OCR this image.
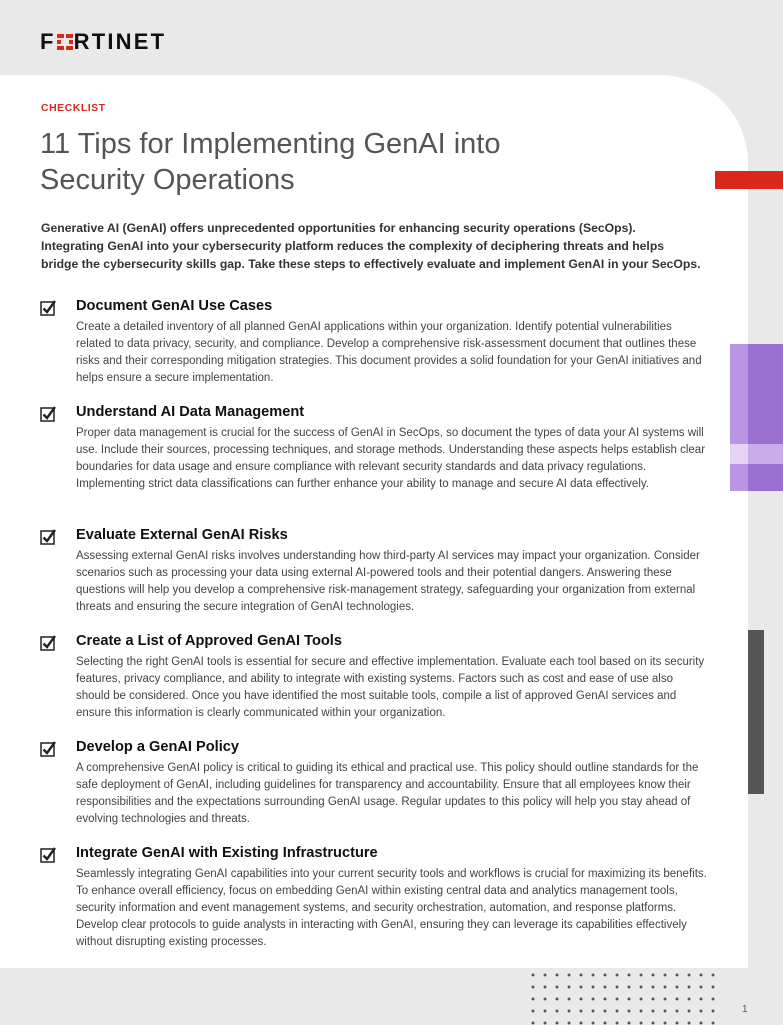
F RTINET
CHECKLIST
11 Tips for Implementing GenAI into
Security Operations

Generative AI (GenAI) offers unprecedented opportunities for enhancing security operations (SecOps). Integrating GenAI into your cybersecurity platform reduces the complexity of deciphering threats and helps bridge the cybersecurity skills gap. Take these steps to effectively evaluate and implement GenAI in your SecOps.

Document GenAI Use Cases

Create a detailed inventory of all planned GenAI applications within your organization. Identify potential vulnerabilities related to data privacy, security, and compliance. Develop a comprehensive risk-assessment document that outlines these risks and their corresponding mitigation strategies. This document provides a solid foundation for your GenAI initiatives and helps ensure a secure implementation.

Understand AI Data Management

Proper data management is crucial for the success of GenAI in SecOps, so document the types of data your AI systems will use. Include their sources, processing techniques, and storage methods. Understanding these aspects helps establish clear boundaries for data usage and ensure compliance with relevant security standards and data privacy regulations. Implementing strict data classifications can further enhance your ability to manage and secure AI data effectively.

Evaluate External GenAI Risks

Assessing external GenAI risks involves understanding how third-party AI services may impact your organization. Consider scenarios such as processing your data using external AI-powered tools and their potential dangers. Answering these questions will help you develop a comprehensive risk-management strategy, safeguarding your organization from external threats and ensuring the secure integration of GenAI technologies.

Create a List of Approved GenAI Tools

Selecting the right GenAI tools is essential for secure and effective implementation. Evaluate each tool based on its security features, privacy compliance, and ability to integrate with existing systems. Factors such as cost and ease of use also should be considered. Once you have identified the most suitable tools, compile a list of approved GenAI services and ensure this information is clearly communicated within your organization.

Develop a GenAI Policy

A comprehensive GenAI policy is critical to guiding its ethical and practical use. This policy should outline standards for the safe deployment of GenAI, including guidelines for transparency and accountability. Ensure that all employees know their responsibilities and the expectations surrounding GenAI usage. Regular updates to this policy will help you stay ahead of evolving technologies and threats.

Integrate GenAI with Existing Infrastructure

Seamlessly integrating GenAI capabilities into your current security tools and workflows is crucial for maximizing its benefits. To enhance overall efficiency, focus on embedding GenAI within existing central data and analytics management tools, security information and event management systems, and security orchestration, automation, and response platforms. Develop clear protocols to guide analysts in interacting with GenAI, ensuring they can leverage its capabilities effectively without disrupting existing processes.

1
